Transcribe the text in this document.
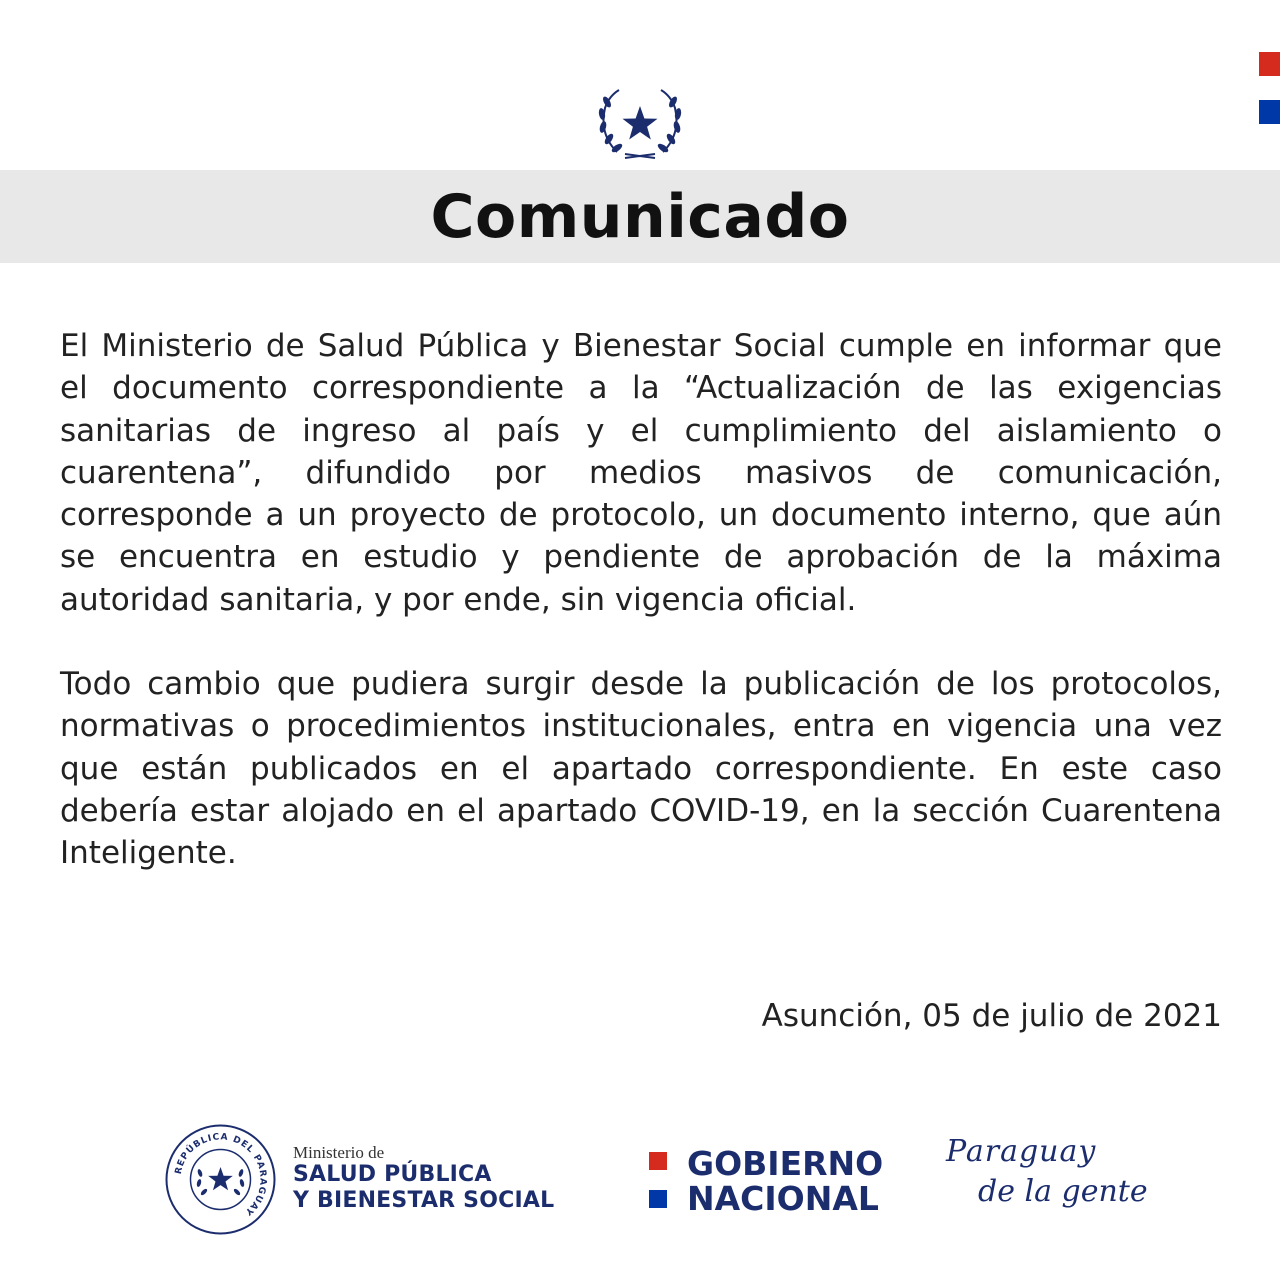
Comunicado

El Ministerio de Salud Pública y Bienestar Social cumple en informar que el documento correspondiente a la “Actualización de las exigencias sanitarias de ingreso al país y el cumplimiento del aislamiento o cuarentena”, difundido por medios masivos de comunicación, corresponde a un proyecto de protocolo, un documento interno, que aún se encuentra en estudio y pendiente de aprobación de la máxima autoridad sanitaria, y por ende, sin vigencia oficial.

Todo cambio que pudiera surgir desde la publicación de los protocolos, normativas o procedimientos institucionales, entra en vigencia una vez que están publicados en el apartado correspondiente. En este caso debería estar alojado en el apartado COVID-19, en la sección Cuarentena Inteligente.

Asunción, 05 de julio de 2021
REPÚBLICA DEL PARAGUAY
Ministerio de
SALUD PÚBLICA
Y BIENESTAR SOCIAL
GOBIERNO
NACIONAL
Paraguay
de la gente
